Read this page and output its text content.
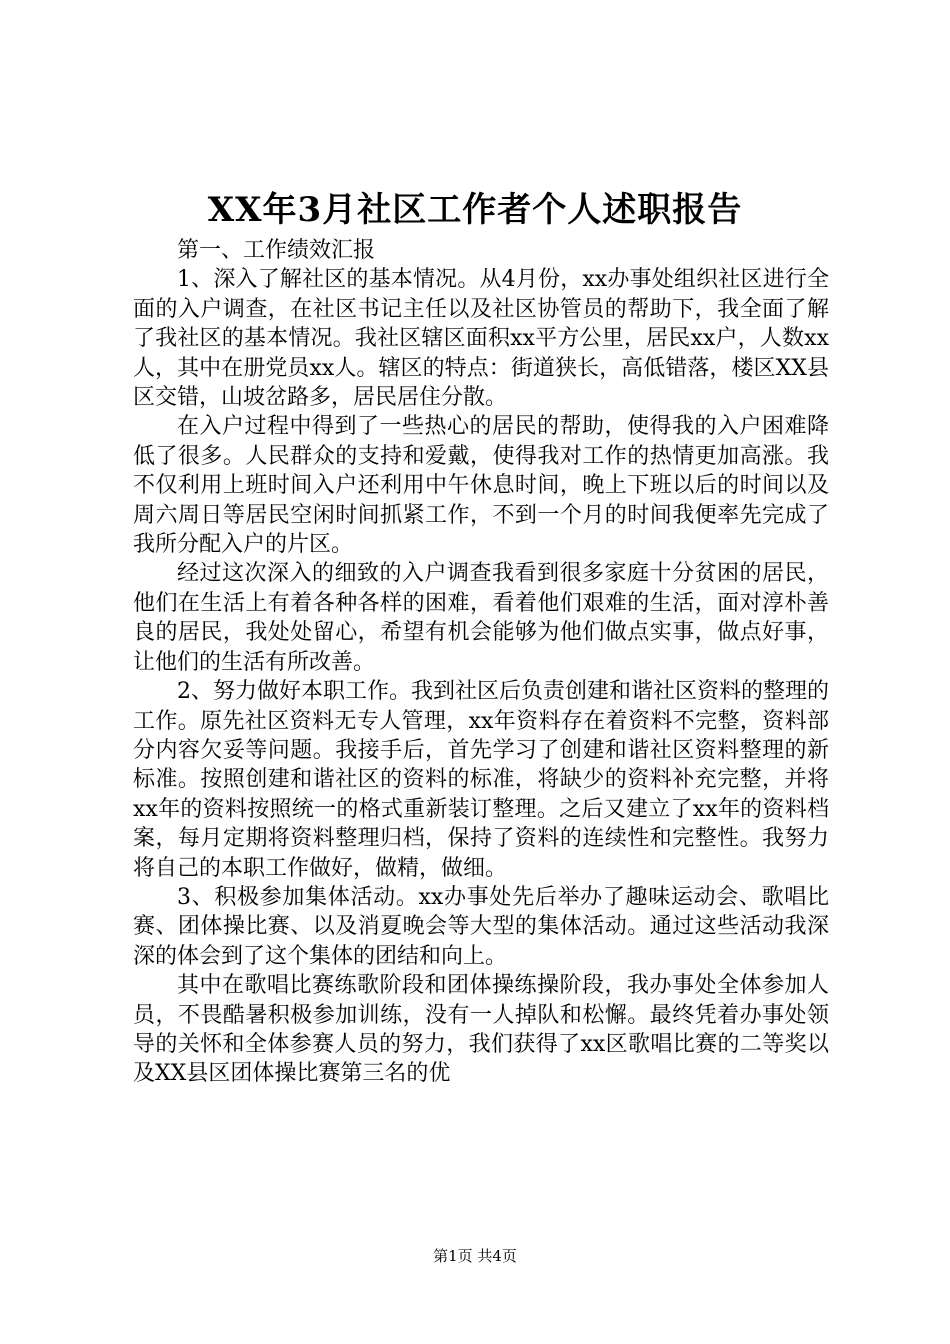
XX年3月社区工作者个人述职报告

第一、工作绩效汇报

1、深入了解社区的基本情况。从4月份，xx办事处组织社区进行全面的入户调查，在社区书记主任以及社区协管员的帮助下，我全面了解了我社区的基本情况。我社区辖区面积xx平方公里，居民xx户，人数xx人，其中在册党员xx人。辖区的特点：街道狭长，高低错落，楼区XX县区交错，山坡岔路多，居民居住分散。

在入户过程中得到了一些热心的居民的帮助，使得我的入户困难降低了很多。人民群众的支持和爱戴，使得我对工作的热情更加高涨。我不仅利用上班时间入户还利用中午休息时间，晚上下班以后的时间以及周六周日等居民空闲时间抓紧工作，不到一个月的时间我便率先完成了我所分配入户的片区。

经过这次深入的细致的入户调查我看到很多家庭十分贫困的居民，他们在生活上有着各种各样的困难，看着他们艰难的生活，面对淳朴善良的居民，我处处留心，希望有机会能够为他们做点实事，做点好事，让他们的生活有所改善。

2、努力做好本职工作。我到社区后负责创建和谐社区资料的整理的工作。原先社区资料无专人管理，xx年资料存在着资料不完整，资料部分内容欠妥等问题。我接手后，首先学习了创建和谐社区资料整理的新标准。按照创建和谐社区的资料的标准，将缺少的资料补充完整，并将xx年的资料按照统一的格式重新装订整理。之后又建立了xx年的资料档案，每月定期将资料整理归档，保持了资料的连续性和完整性。我努力将自己的本职工作做好，做精，做细。

3、积极参加集体活动。xx办事处先后举办了趣味运动会、歌唱比赛、团体操比赛、以及消夏晚会等大型的集体活动。通过这些活动我深深的体会到了这个集体的团结和向上。

其中在歌唱比赛练歌阶段和团体操练操阶段，我办事处全体参加人员，不畏酷暑积极参加训练，没有一人掉队和松懈。最终凭着办事处领导的关怀和全体参赛人员的努力，我们获得了xx区歌唱比赛的二等奖以及XX县区团体操比赛第三名的优

第1页 共4页
